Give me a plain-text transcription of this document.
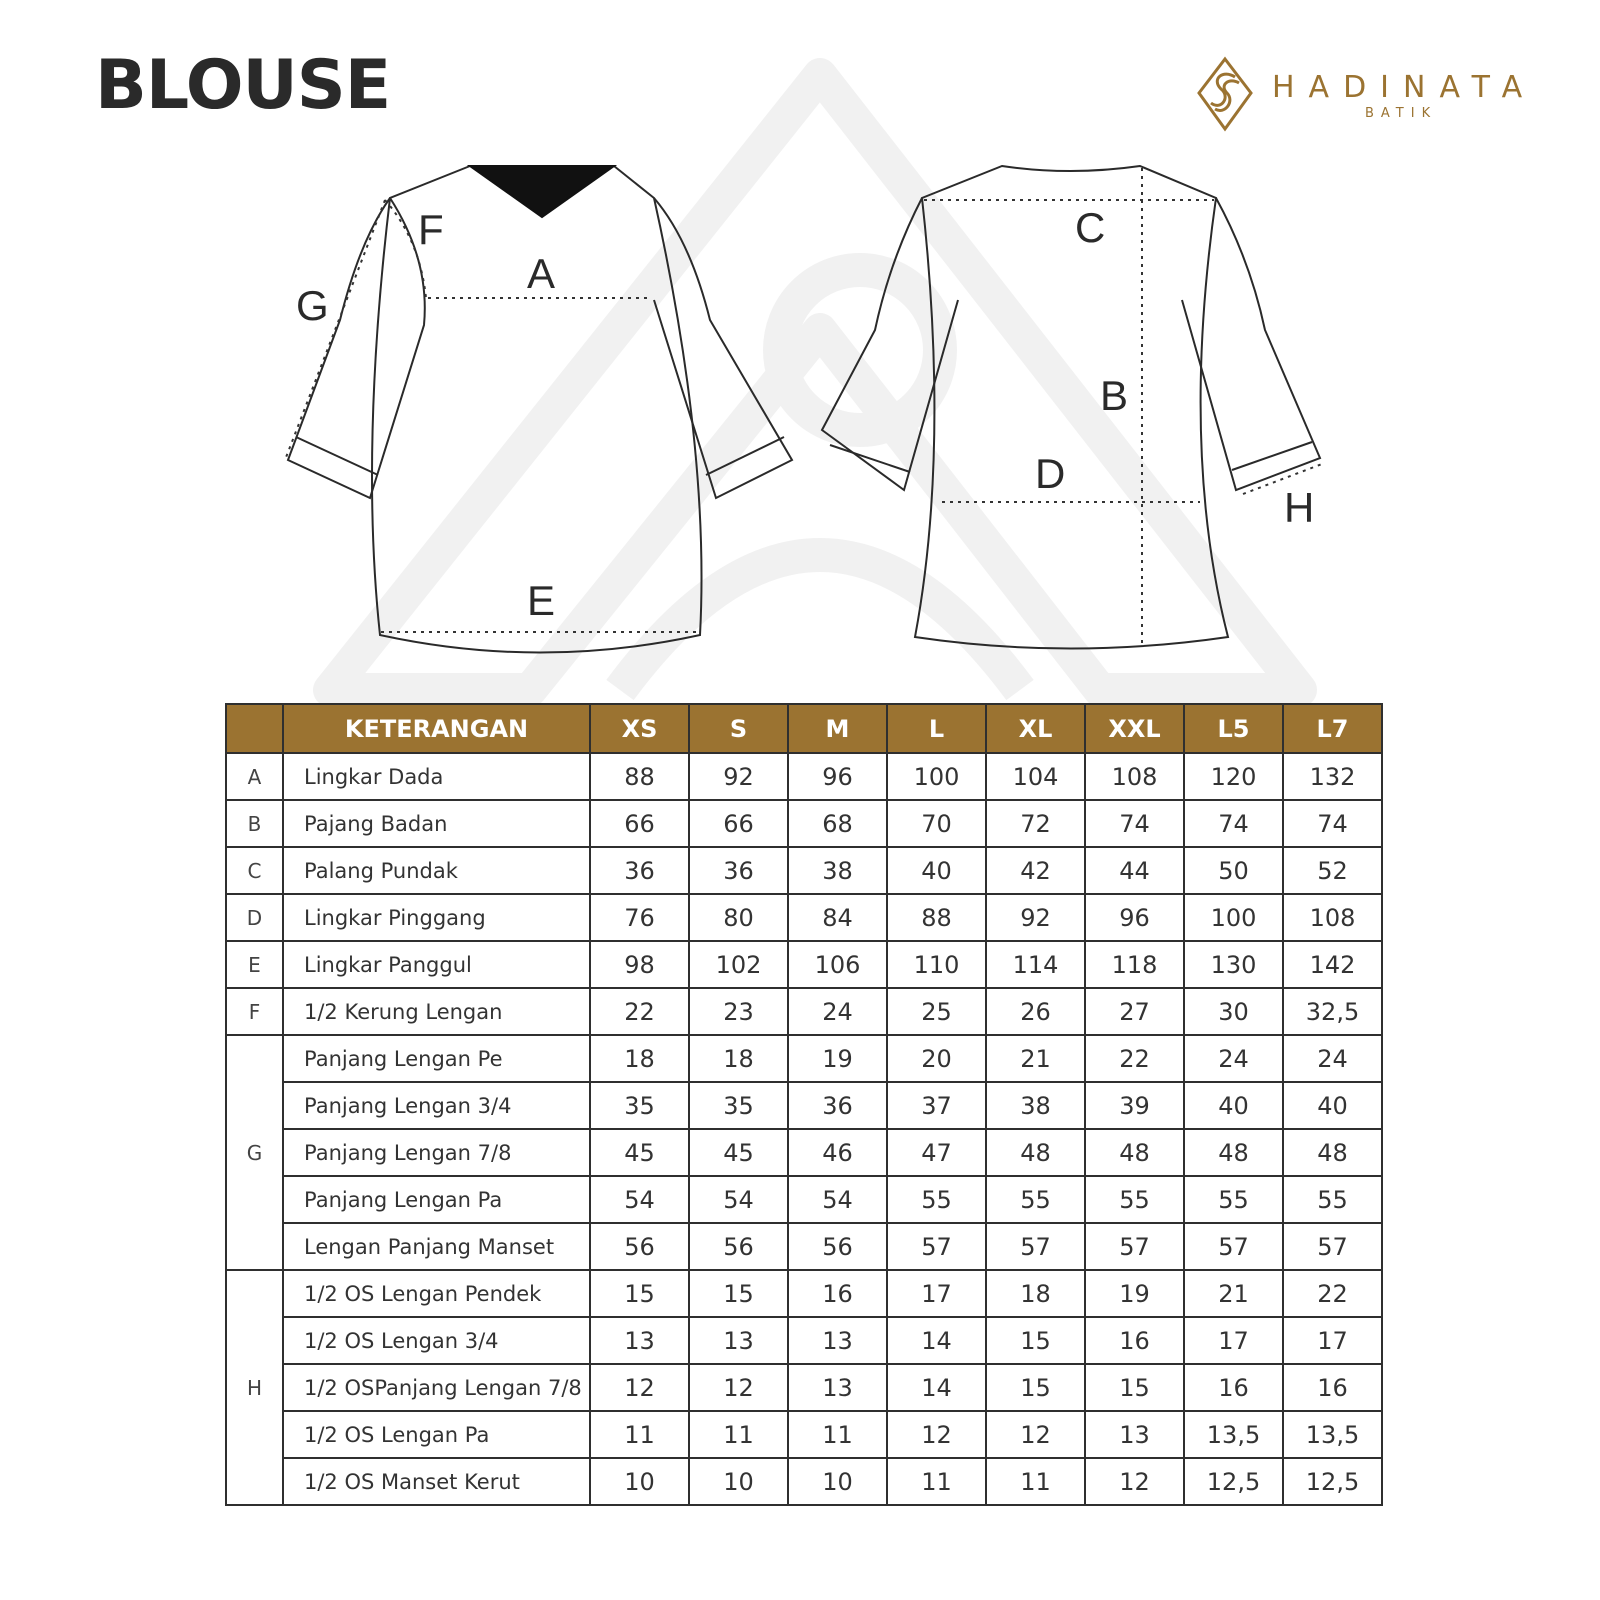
BLOUSE	HADINATA
BATIK
A
B
C
D
E
F
G
H
	KETERANGAN	XS	S	M	L	XL	XXL	L5	L7
A	Lingkar Dada	88	92	96	100	104	108	120	132
B	Pajang Badan	66	66	68	70	72	74	74	74
C	Palang Pundak	36	36	38	40	42	44	50	52
D	Lingkar Pinggang	76	80	84	88	92	96	100	108
E	Lingkar Panggul	98	102	106	110	114	118	130	142
F	1/2 Kerung Lengan	22	23	24	25	26	27	30	32,5
G	Panjang Lengan Pe	18	18	19	20	21	22	24	24
	Panjang Lengan 3/4	35	35	36	37	38	39	40	40
	Panjang Lengan 7/8	45	45	46	47	48	48	48	48
	Panjang Lengan Pa	54	54	54	55	55	55	55	55
	Lengan Panjang Manset	56	56	56	57	57	57	57	57
H	1/2 OS Lengan Pendek	15	15	16	17	18	19	21	22
	1/2 OS Lengan 3/4	13	13	13	14	15	16	17	17
	1/2 OSPanjang Lengan 7/8	12	12	13	14	15	15	16	16
	1/2 OS Lengan Pa	11	11	11	12	12	13	13,5	13,5
	1/2 OS Manset Kerut	10	10	10	11	11	12	12,5	12,5
